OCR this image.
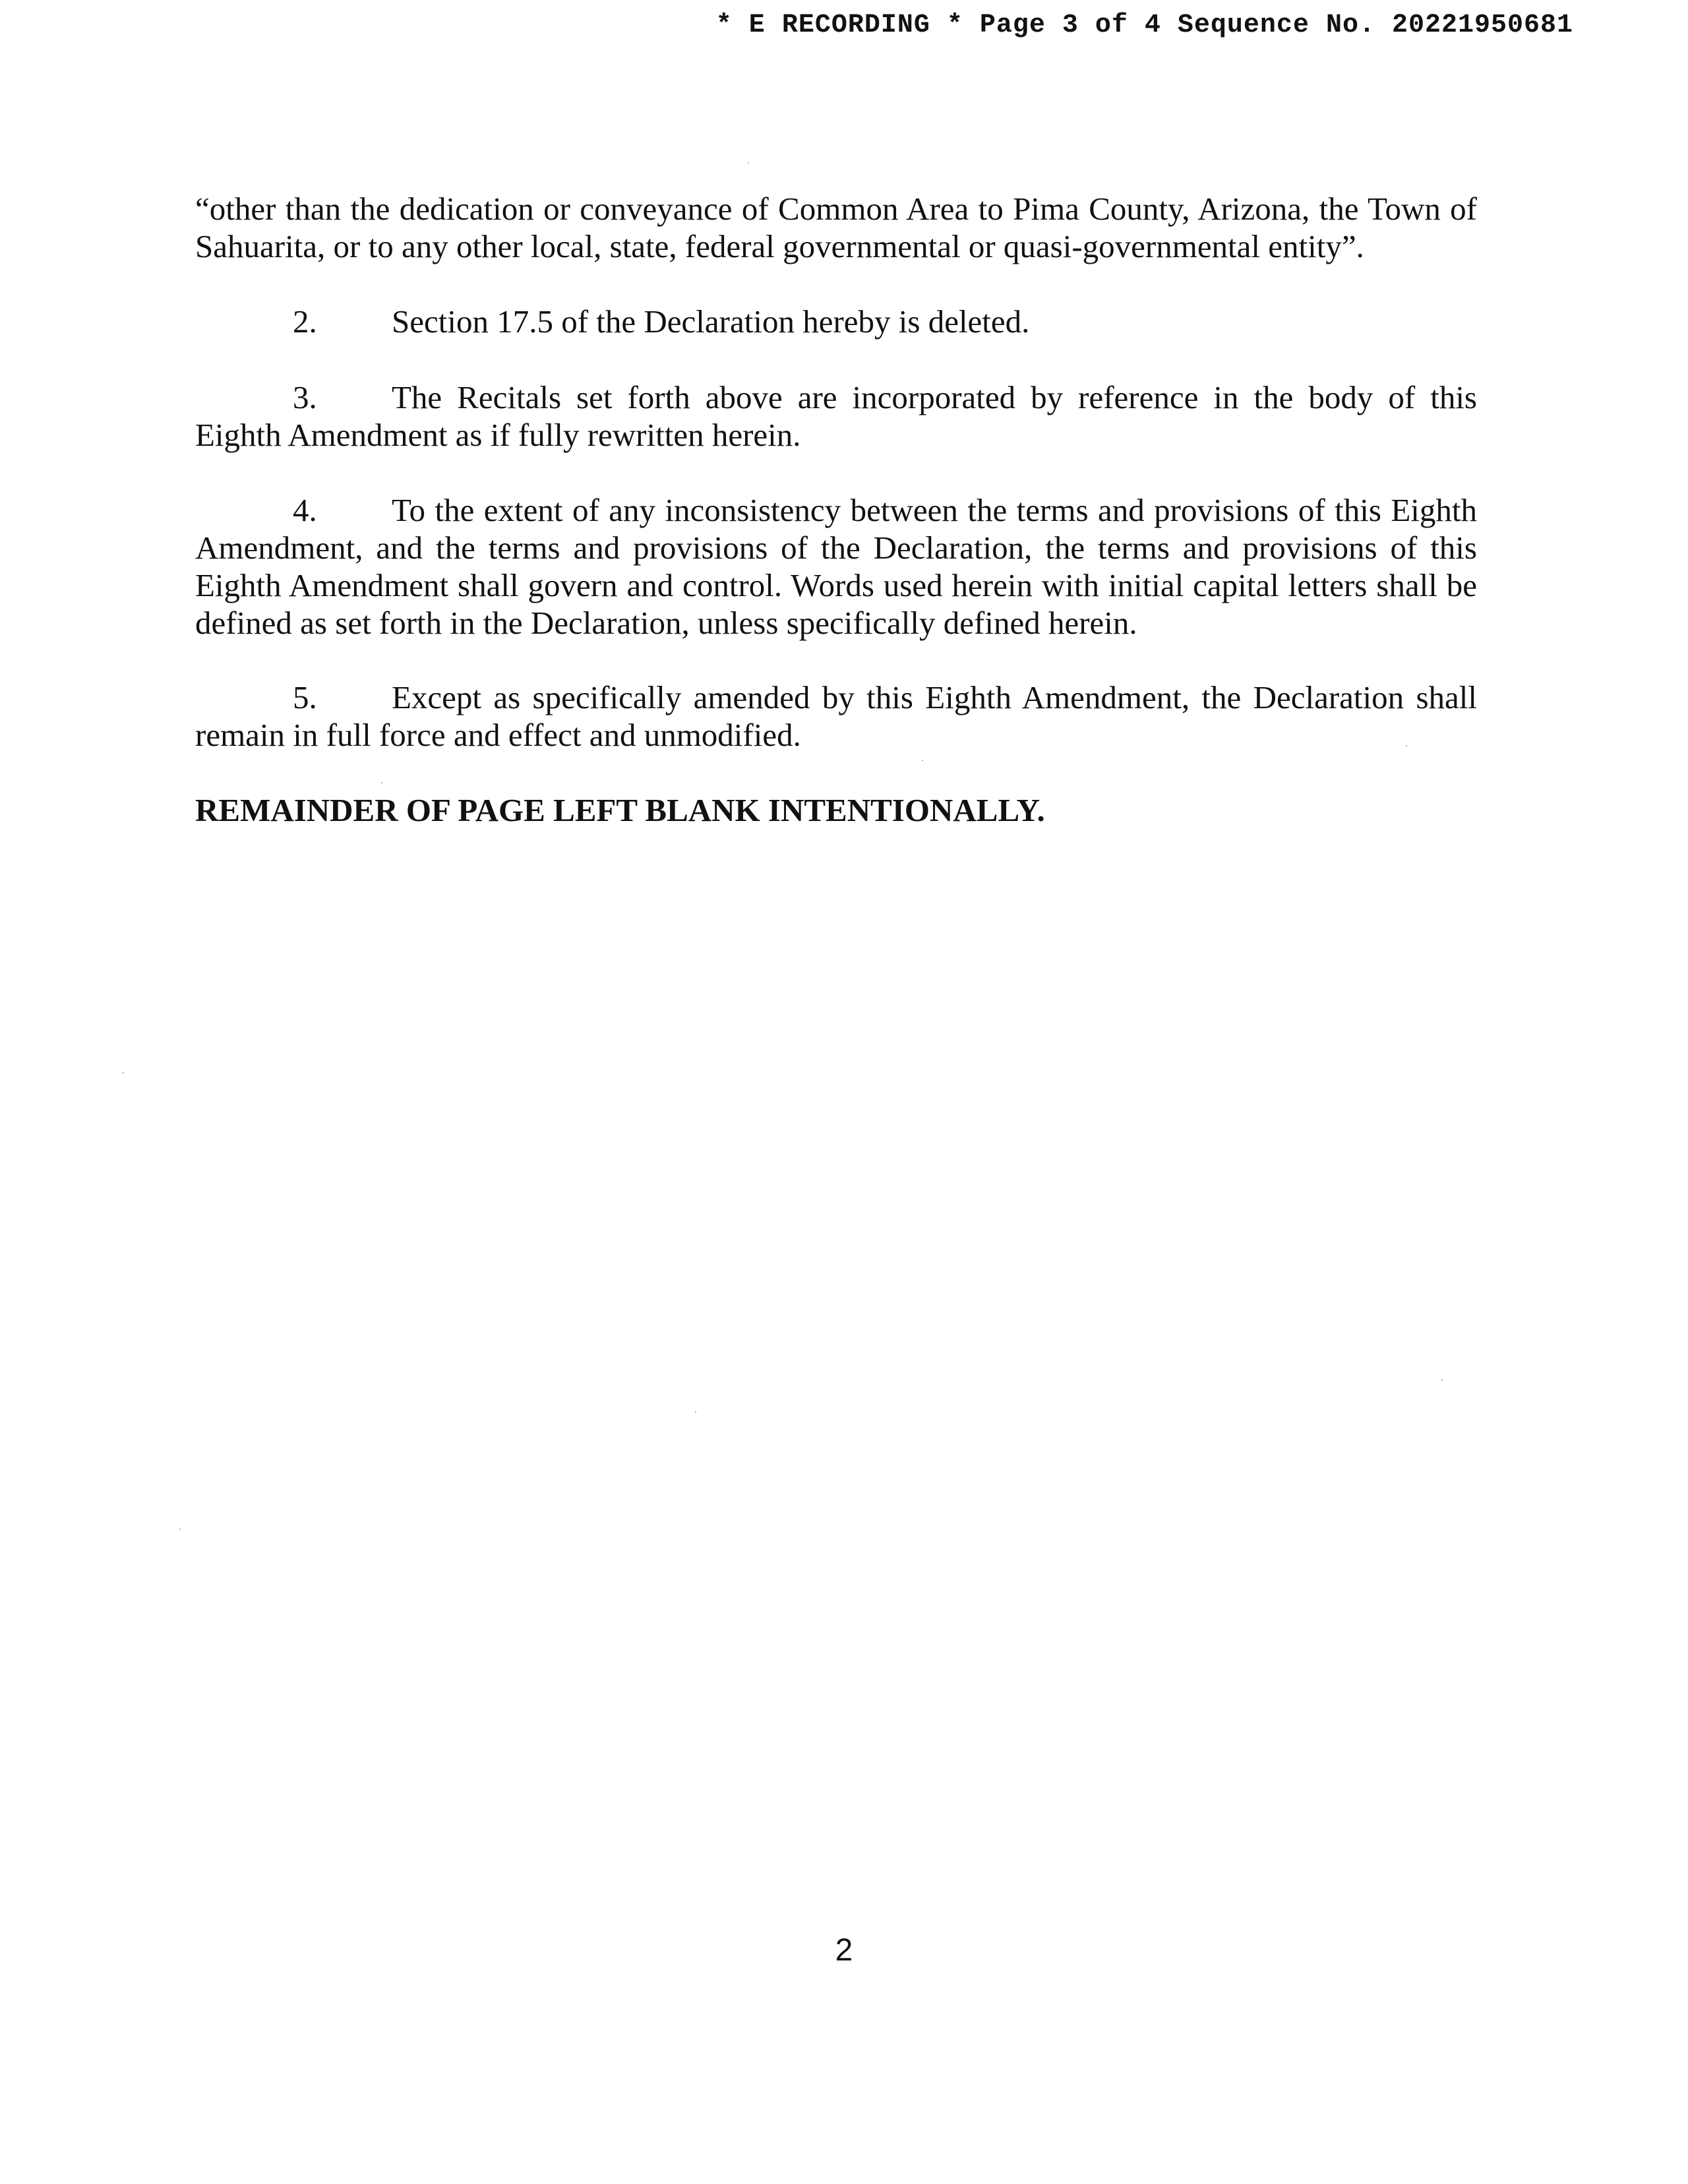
* E RECORDING * Page 3 of 4 Sequence No. 20221950681
“other than the dedication or conveyance of Common Area to Pima County, Arizona, the Town of Sahuarita, or to any other local, state, federal governmental or quasi-governmental entity”.
2. Section 17.5 of the Declaration hereby is deleted.
3. The Recitals set forth above are incorporated by reference in the body of this Eighth Amendment as if fully rewritten herein.
4. To the extent of any inconsistency between the terms and provisions of this Eighth Amendment, and the terms and provisions of the Declaration, the terms and provisions of this Eighth Amendment shall govern and control. Words used herein with initial capital letters shall be defined as set forth in the Declaration, unless specifically defined herein.
5. Except as specifically amended by this Eighth Amendment, the Declaration shall remain in full force and effect and unmodified.
REMAINDER OF PAGE LEFT BLANK INTENTIONALLY.
2
